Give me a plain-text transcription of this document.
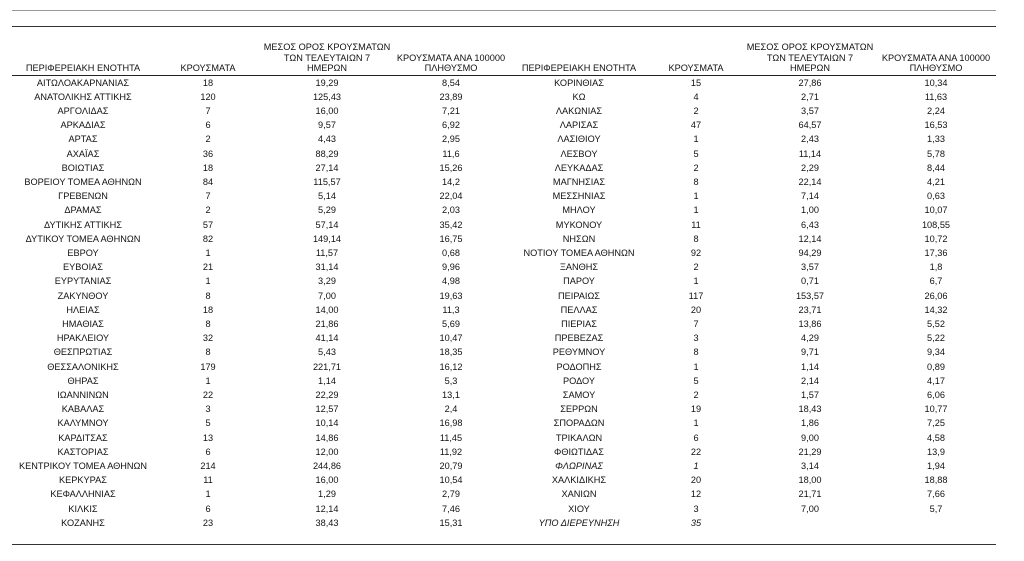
ΠΕΡΙΦΕΡΕΙΑΚΗ ΕΝΟΤΗΤΑ	ΚΡΟΥΣΜΑΤΑ	ΜΕΣΟΣ ΟΡΟΣ ΚΡΟΥΣΜΑΤΩΝ
ΤΩΝ ΤΕΛΕΥΤΑΙΩΝ 7
ΗΜΕΡΩΝ	ΚΡΟΥΣΜΑΤΑ ΑΝΑ 100000
ΠΛΗΘΥΣΜΟ	ΠΕΡΙΦΕΡΕΙΑΚΗ ΕΝΟΤΗΤΑ	ΚΡΟΥΣΜΑΤΑ	ΜΕΣΟΣ ΟΡΟΣ ΚΡΟΥΣΜΑΤΩΝ
ΤΩΝ ΤΕΛΕΥΤΑΙΩΝ 7
ΗΜΕΡΩΝ	ΚΡΟΥΣΜΑΤΑ ΑΝΑ 100000
ΠΛΗΘΥΣΜΟ
ΑΙΤΩΛΟΑΚΑΡΝΑΝΙΑΣ	18	19,29	8,54	ΚΟΡΙΝΘΙΑΣ	15	27,86	10,34
ΑΝΑΤΟΛΙΚΗΣ ΑΤΤΙΚΗΣ	120	125,43	23,89	ΚΩ	4	2,71	11,63
ΑΡΓΟΛΙΔΑΣ	7	16,00	7,21	ΛΑΚΩΝΙΑΣ	2	3,57	2,24
ΑΡΚΑΔΙΑΣ	6	9,57	6,92	ΛΑΡΙΣΑΣ	47	64,57	16,53
ΑΡΤΑΣ	2	4,43	2,95	ΛΑΣΙΘΙΟΥ	1	2,43	1,33
ΑΧΑΪΑΣ	36	88,29	11,6	ΛΕΣΒΟΥ	5	11,14	5,78
ΒΟΙΩΤΙΑΣ	18	27,14	15,26	ΛΕΥΚΑΔΑΣ	2	2,29	8,44
ΒΟΡΕΙΟΥ ΤΟΜΕΑ ΑΘΗΝΩΝ	84	115,57	14,2	ΜΑΓΝΗΣΙΑΣ	8	22,14	4,21
ΓΡΕΒΕΝΩΝ	7	5,14	22,04	ΜΕΣΣΗΝΙΑΣ	1	7,14	0,63
ΔΡΑΜΑΣ	2	5,29	2,03	ΜΗΛΟΥ	1	1,00	10,07
ΔΥΤΙΚΗΣ ΑΤΤΙΚΗΣ	57	57,14	35,42	ΜΥΚΟΝΟΥ	11	6,43	108,55
ΔΥΤΙΚΟΥ ΤΟΜΕΑ ΑΘΗΝΩΝ	82	149,14	16,75	ΝΗΣΩΝ	8	12,14	10,72
ΕΒΡΟΥ	1	11,57	0,68	ΝΟΤΙΟΥ ΤΟΜΕΑ ΑΘΗΝΩΝ	92	94,29	17,36
ΕΥΒΟΙΑΣ	21	31,14	9,96	ΞΑΝΘΗΣ	2	3,57	1,8
ΕΥΡΥΤΑΝΙΑΣ	1	3,29	4,98	ΠΑΡΟΥ	1	0,71	6,7
ΖΑΚΥΝΘΟΥ	8	7,00	19,63	ΠΕΙΡΑΙΩΣ	117	153,57	26,06
ΗΛΕΙΑΣ	18	14,00	11,3	ΠΕΛΛΑΣ	20	23,71	14,32
ΗΜΑΘΙΑΣ	8	21,86	5,69	ΠΙΕΡΙΑΣ	7	13,86	5,52
ΗΡΑΚΛΕΙΟΥ	32	41,14	10,47	ΠΡΕΒΕΖΑΣ	3	4,29	5,22
ΘΕΣΠΡΩΤΙΑΣ	8	5,43	18,35	ΡΕΘΥΜΝΟΥ	8	9,71	9,34
ΘΕΣΣΑΛΟΝΙΚΗΣ	179	221,71	16,12	ΡΟΔΟΠΗΣ	1	1,14	0,89
ΘΗΡΑΣ	1	1,14	5,3	ΡΟΔΟΥ	5	2,14	4,17
ΙΩΑΝΝΙΝΩΝ	22	22,29	13,1	ΣΑΜΟΥ	2	1,57	6,06
ΚΑΒΑΛΑΣ	3	12,57	2,4	ΣΕΡΡΩΝ	19	18,43	10,77
ΚΑΛΥΜΝΟΥ	5	10,14	16,98	ΣΠΟΡΑΔΩΝ	1	1,86	7,25
ΚΑΡΔΙΤΣΑΣ	13	14,86	11,45	ΤΡΙΚΑΛΩΝ	6	9,00	4,58
ΚΑΣΤΟΡΙΑΣ	6	12,00	11,92	ΦΘΙΩΤΙΔΑΣ	22	21,29	13,9
ΚΕΝΤΡΙΚΟΥ ΤΟΜΕΑ ΑΘΗΝΩΝ	214	244,86	20,79	ΦΛΩΡΙΝΑΣ	1	3,14	1,94
ΚΕΡΚΥΡΑΣ	11	16,00	10,54	ΧΑΛΚΙΔΙΚΗΣ	20	18,00	18,88
ΚΕΦΑΛΛΗΝΙΑΣ	1	1,29	2,79	ΧΑΝΙΩΝ	12	21,71	7,66
ΚΙΛΚΙΣ	6	12,14	7,46	ΧΙΟΥ	3	7,00	5,7
ΚΟΖΑΝΗΣ	23	38,43	15,31	ΥΠΟ ΔΙΕΡΕΥΝΗΣΗ	35		
